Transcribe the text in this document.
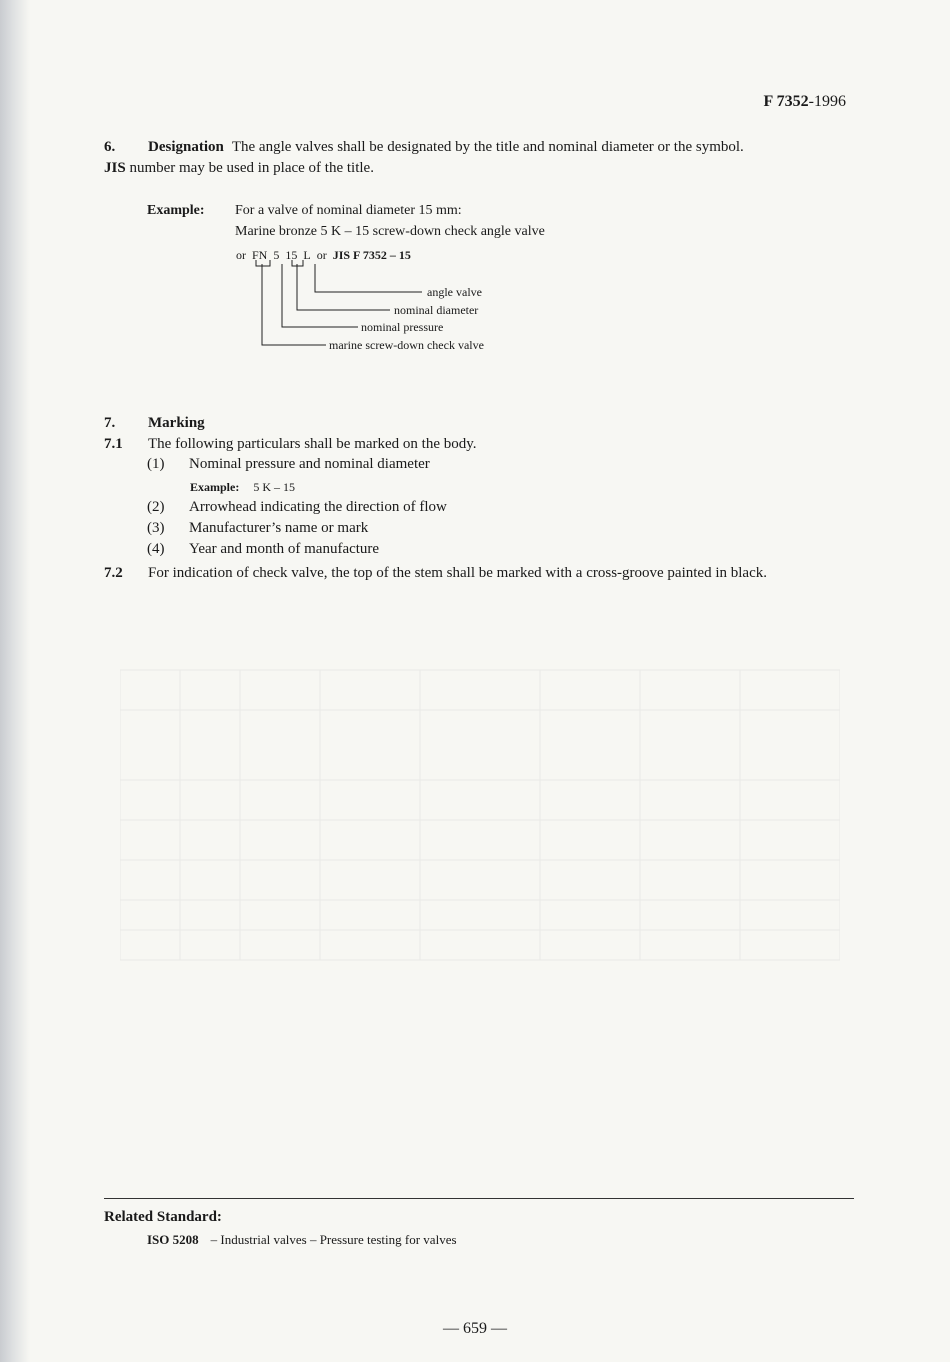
F 7352-1996
6. Designation The angle valves shall be designated by the title and nominal diameter or the symbol.
JIS number may be used in place of the title.
Example:	For a valve of nominal diameter 15 mm:
Marine bronze 5 K – 15 screw-down check angle valve
or FN 5 15 L or JIS F 7352 – 15
angle valve
nominal diameter
nominal pressure
marine screw-down check valve
7. Marking
7.1 The following particulars shall be marked on the body.
(1) Nominal pressure and nominal diameter
Example: 5 K – 15
(2) Arrowhead indicating the direction of flow
(3) Manufacturer’s name or mark
(4) Year and month of manufacture
7.2 For indication of check valve, the top of the stem shall be marked with a cross-groove painted in black.
Related Standard:
ISO 5208 – Industrial valves – Pressure testing for valves
— 659 —
